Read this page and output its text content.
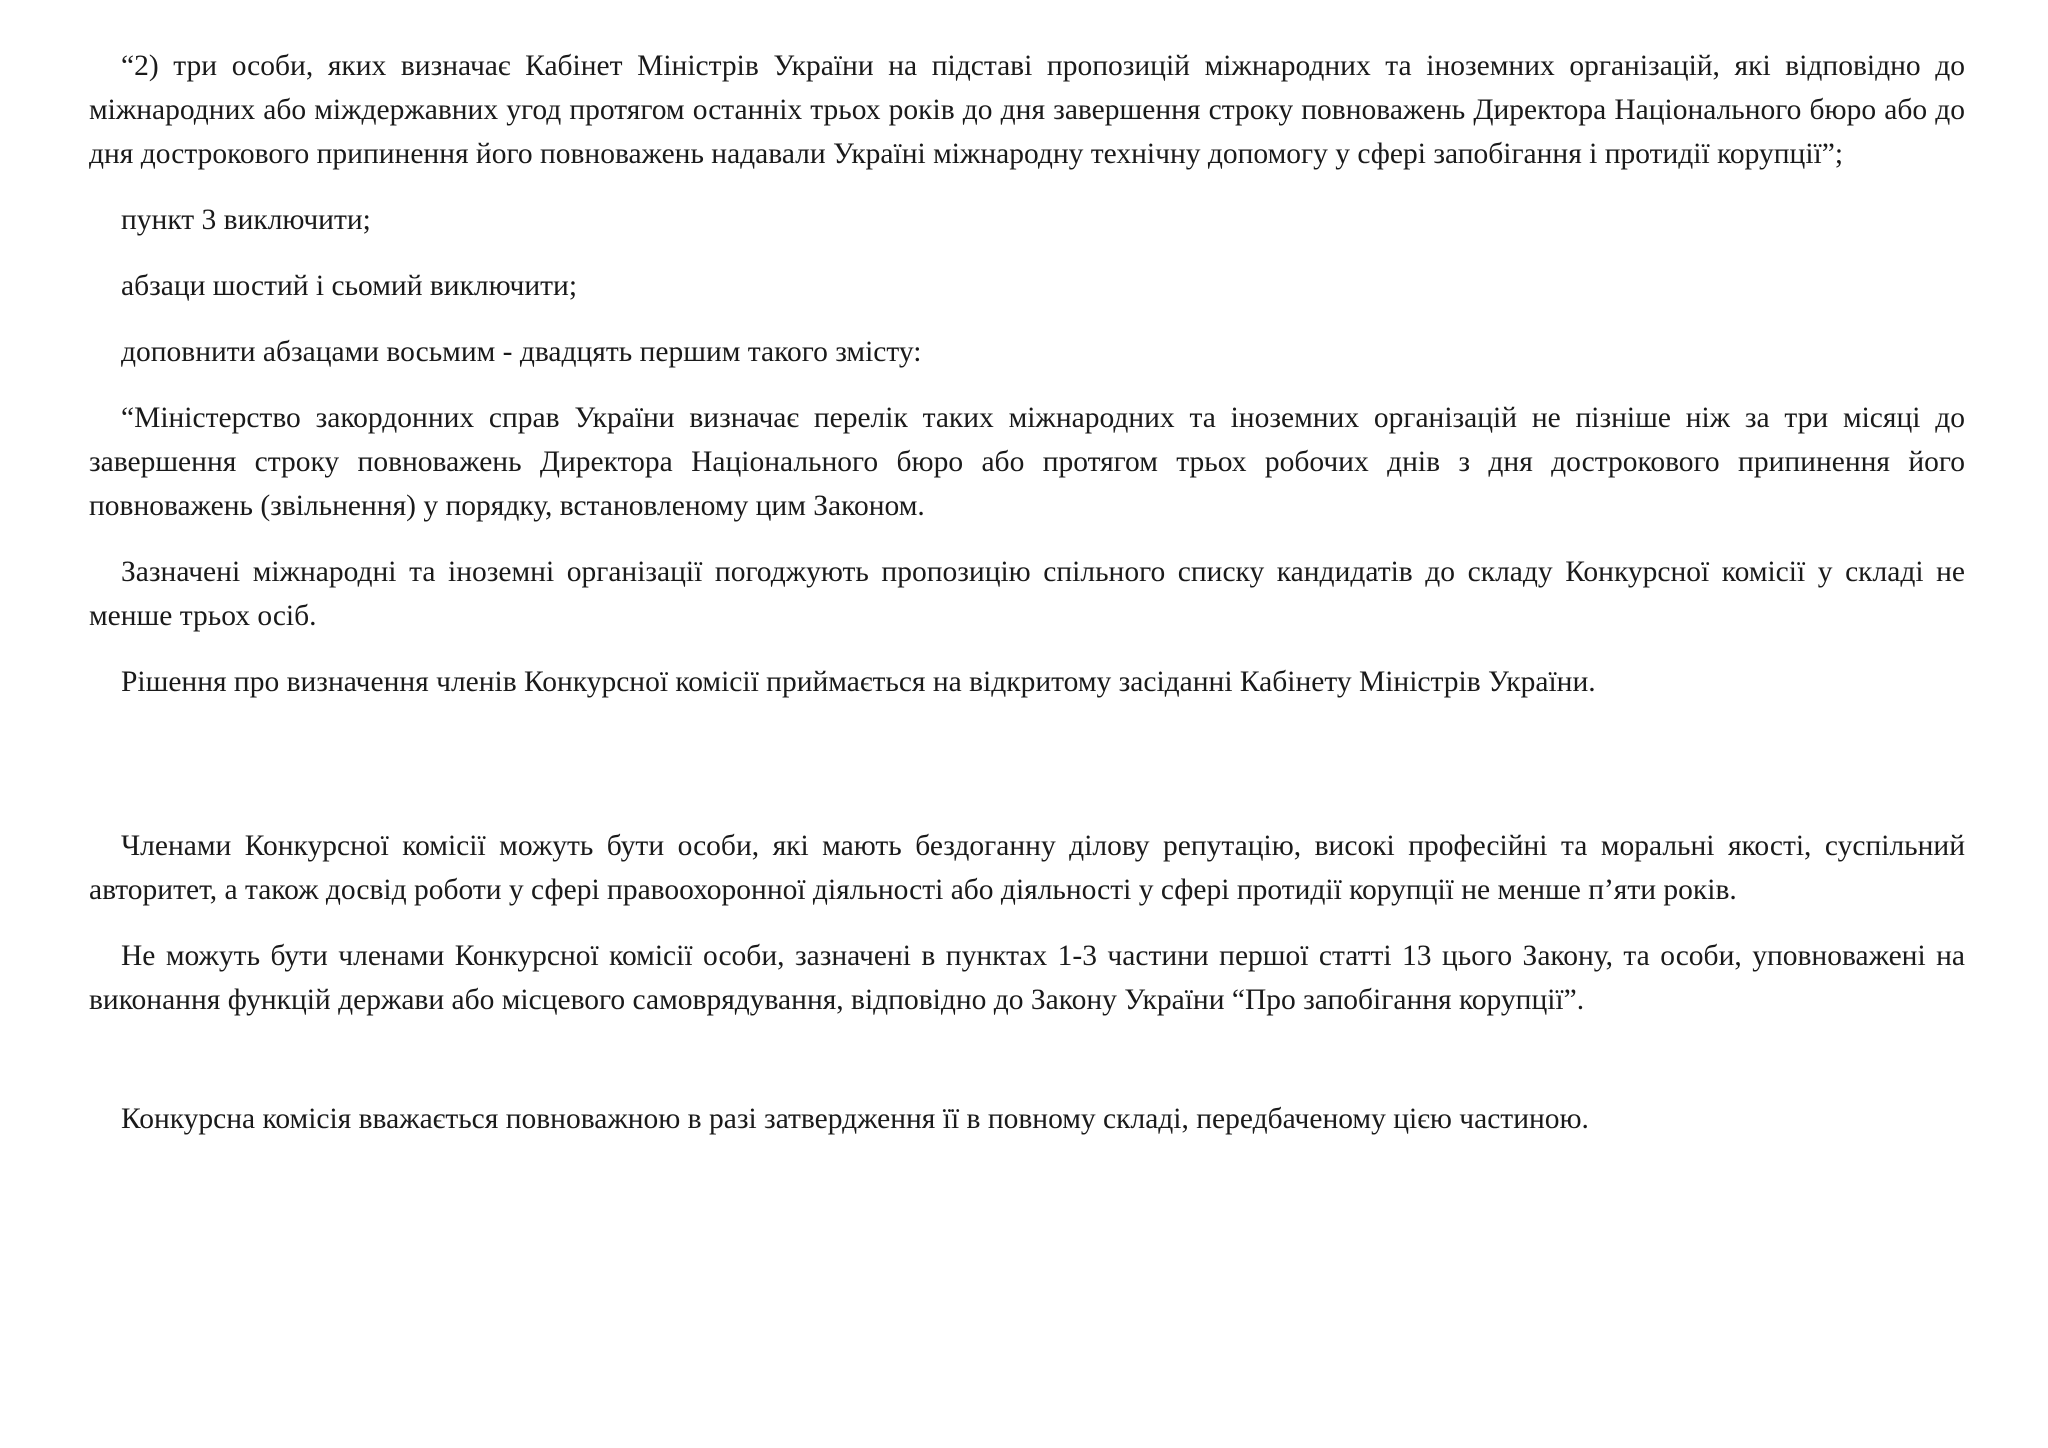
“2) три особи, яких визначає Кабінет Міністрів України на підставі пропозицій міжнародних та іноземних організацій, які відповідно до міжнародних або міждержавних угод протягом останніх трьох років до дня завершення строку повноважень Директора Національного бюро або до дня дострокового припинення його повноважень надавали Україні міжнародну технічну допомогу у сфері запобігання і протидії корупції”;

пункт 3 виключити;

абзаци шостий і сьомий виключити;

доповнити абзацами восьмим - двадцять першим такого змісту:

“Міністерство закордонних справ України визначає перелік таких міжнародних та іноземних організацій не пізніше ніж за три місяці до завершення строку повноважень Директора Національного бюро або протягом трьох робочих днів з дня дострокового припинення його повноважень (звільнення) у порядку, встановленому цим Законом.

Зазначені міжнародні та іноземні організації погоджують пропозицію спільного списку кандидатів до складу Конкурсної комісії у складі не менше трьох осіб.

Рішення про визначення членів Конкурсної комісії приймається на відкритому засіданні Кабінету Міністрів України.

Членами Конкурсної комісії можуть бути особи, які мають бездоганну ділову репутацію, високі професійні та моральні якості, суспільний авторитет, а також досвід роботи у сфері правоохоронної діяльності або діяльності у сфері протидії корупції не менше п’яти років.

Не можуть бути членами Конкурсної комісії особи, зазначені в пунктах 1-3 частини першої статті 13 цього Закону, та особи, уповноважені на виконання функцій держави або місцевого самоврядування, відповідно до Закону України “Про запобігання корупції”.

Конкурсна комісія вважається повноважною в разі затвердження її в повному складі, передбаченому цією частиною.
